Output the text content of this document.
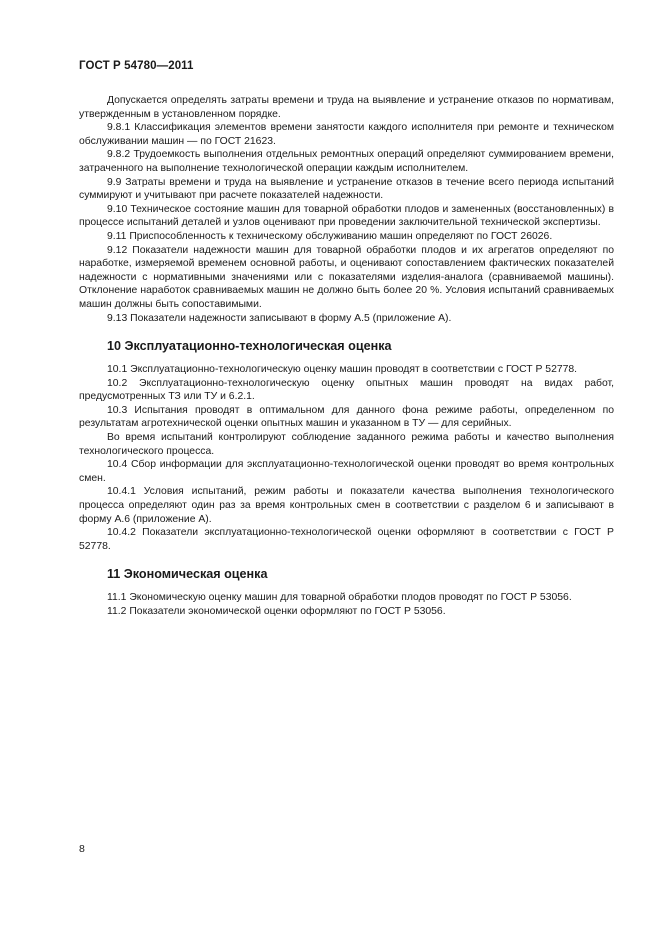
ГОСТ Р 54780—2011

Допускается определять затраты времени и труда на выявление и устранение отказов по нормативам, утвержденным в установленном порядке.

9.8.1 Классификация элементов времени занятости каждого исполнителя при ремонте и техническом обслуживании машин — по ГОСТ 21623.

9.8.2 Трудоемкость выполнения отдельных ремонтных операций определяют суммированием времени, затраченного на выполнение технологической операции каждым исполнителем.

9.9 Затраты времени и труда на выявление и устранение отказов в течение всего периода испытаний суммируют и учитывают при расчете показателей надежности.

9.10 Техническое состояние машин для товарной обработки плодов и замененных (восстановленных) в процессе испытаний деталей и узлов оценивают при проведении заключительной технической экспертизы.

9.11 Приспособленность к техническому обслуживанию машин определяют по ГОСТ 26026.

9.12 Показатели надежности машин для товарной обработки плодов и их агрегатов определяют по наработке, измеряемой временем основной работы, и оценивают сопоставлением фактических показателей надежности с нормативными значениями или с показателями изделия-аналога (сравниваемой машины). Отклонение наработок сравниваемых машин не должно быть более 20 %. Условия испытаний сравниваемых машин должны быть сопоставимыми.

9.13 Показатели надежности записывают в форму А.5 (приложение А).

10 Эксплуатационно-технологическая оценка

10.1 Эксплуатационно-технологическую оценку машин проводят в соответствии с ГОСТ Р 52778.

10.2 Эксплуатационно-технологическую оценку опытных машин проводят на видах работ, предусмотренных ТЗ или ТУ и 6.2.1.

10.3 Испытания проводят в оптимальном для данного фона режиме работы, определенном по результатам агротехнической оценки опытных машин и указанном в ТУ — для серийных.

Во время испытаний контролируют соблюдение заданного режима работы и качество выполнения технологического процесса.

10.4 Сбор информации для эксплуатационно-технологической оценки проводят во время контрольных смен.

10.4.1 Условия испытаний, режим работы и показатели качества выполнения технологического процесса определяют один раз за время контрольных смен в соответствии с разделом 6 и записывают в форму А.6 (приложение А).

10.4.2 Показатели эксплуатационно-технологической оценки оформляют в соответствии с ГОСТ Р 52778.

11 Экономическая оценка

11.1 Экономическую оценку машин для товарной обработки плодов проводят по ГОСТ Р 53056.

11.2 Показатели экономической оценки оформляют по ГОСТ Р 53056.

8
